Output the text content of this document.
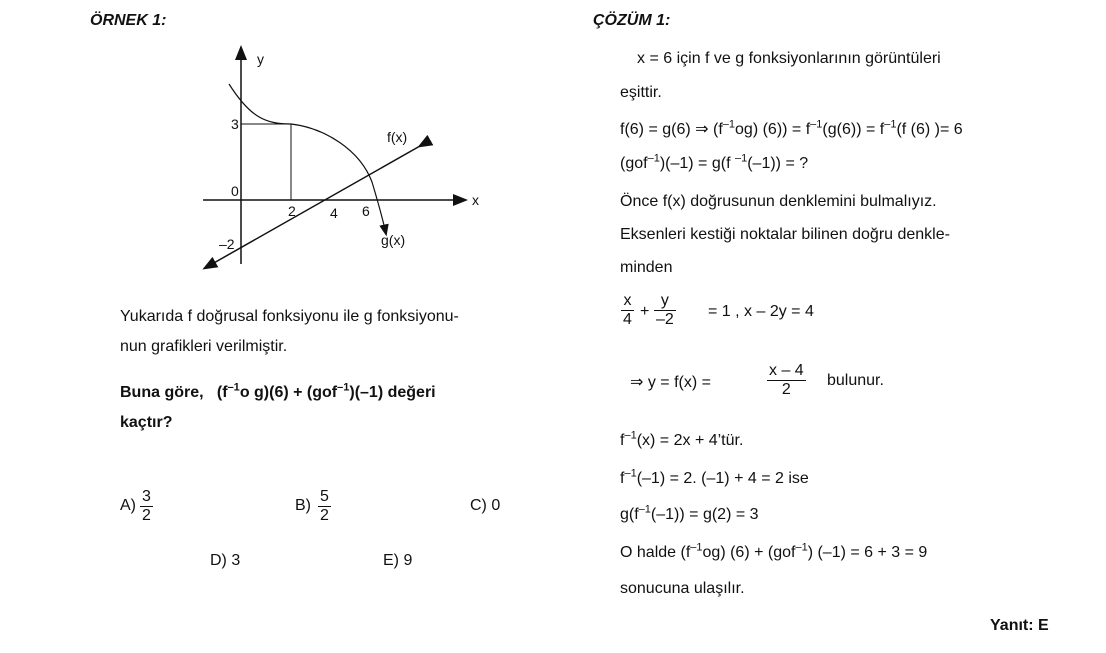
ÖRNEK 1:
y
x
3
0
–2
2 4 6
f(x)
g(x)
Yukarıda f doğrusal fonksiyonu ile g fonksiyonu-
nun grafikleri verilmiştir.
Buna göre, ($f^{-1}o$ g)(6) + (gof$^{-1}$)(–1) değeri
kaçtır?
$A) \frac{3}{2}$	$B) \frac{5}{2}$	C) 0
D) 3	E) 9
ÇÖZÜM 1:
x = 6 için f ve g fonksiyonlarının görüntüleri
eşittir.
f(6) = g(6) ⇒ $(f^{-1}og) (6)) = f^{-1}(g(6)) = f^{-1}(f$ (6) )= 6
(gof$^{-1}$)(–1) = g(f $^{-1}$(–1)) = ?
Önce f(x) doğrusunun denklemini bulmalıyız.
Eksenleri kestiği noktalar bilinen doğru denkle-
minden
$\frac{x}{4} + \frac{y}{-2} = 1$ , x – 2y = 4
⇒ y = f(x) =	$\frac{x - 4}{2}$ bulunur.
$f^{-1}(x) = 2x$ + 4’tür.
$f^{-1}(-1) = 2$. (–1) + 4 = 2 ise
$g(f^{-1}(-1)) = g(2) = 3$
O halde $(f^{-1}og) (6) + (gof^{-1}) (-1) = 6 + 3 = 9$
sonucuna ulaşılır.
Yanıt: E
